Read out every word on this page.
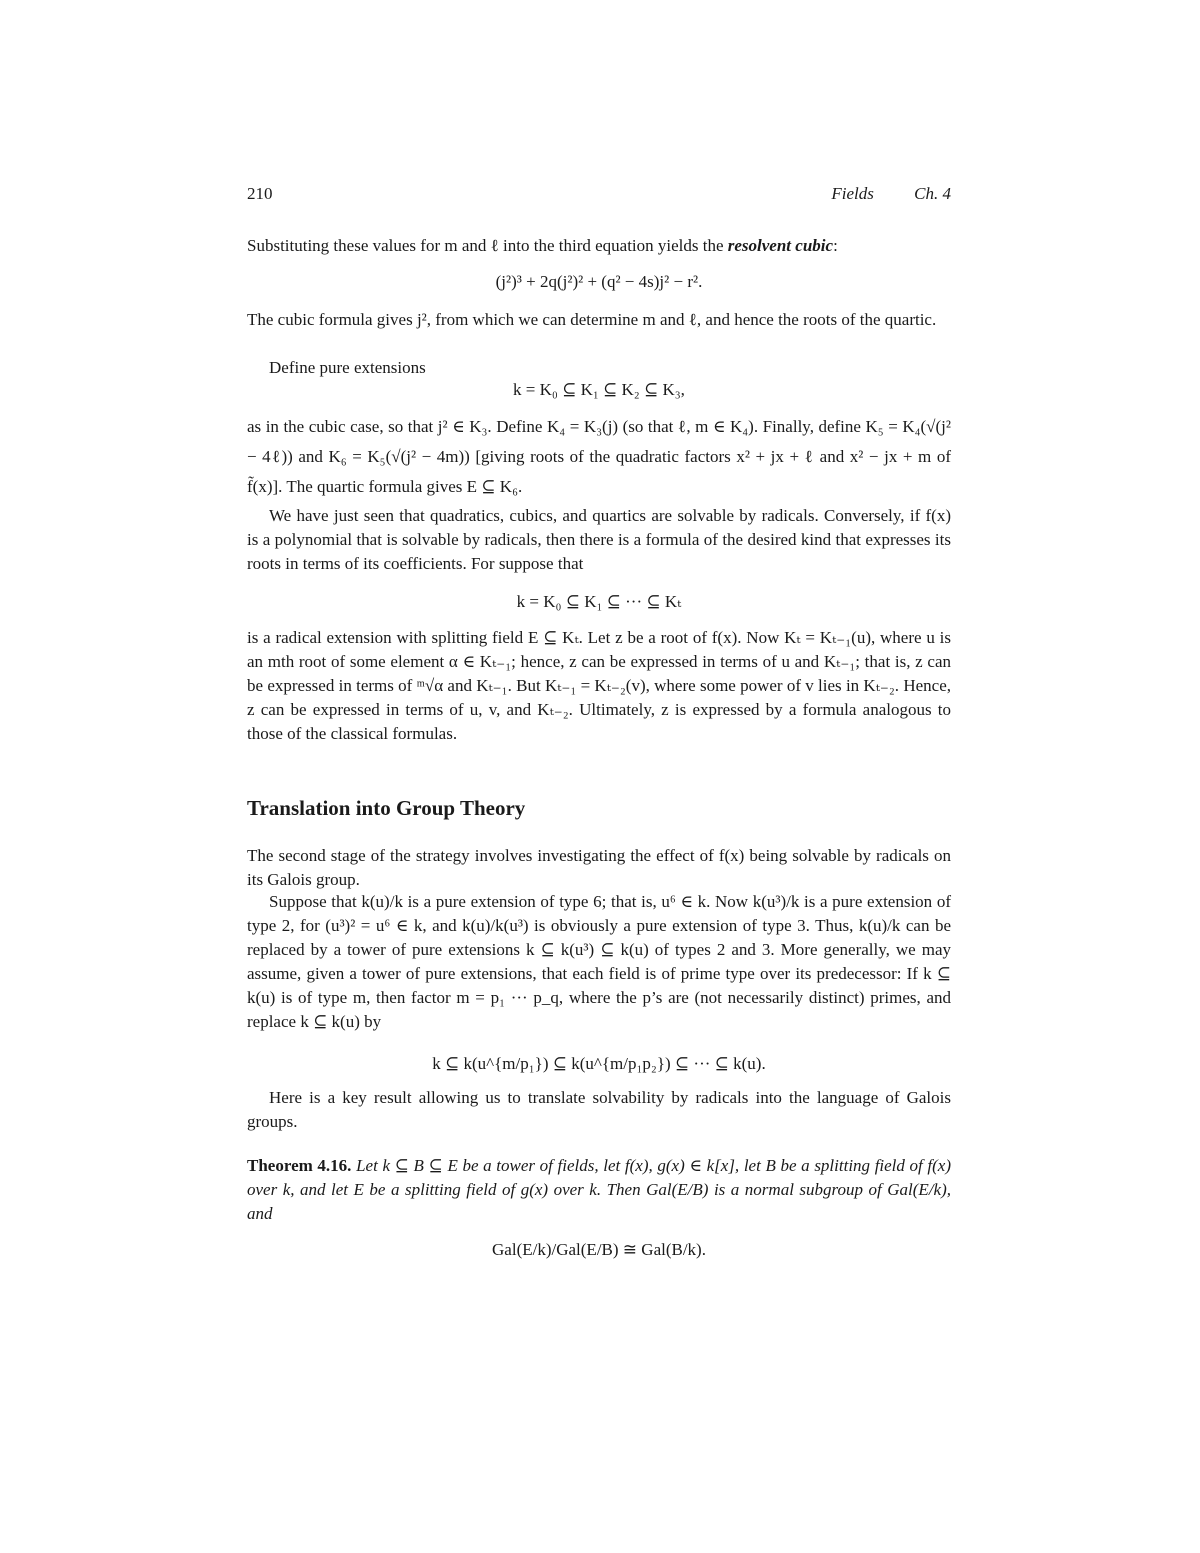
210	Fields Ch. 4
Substituting these values for m and ℓ into the third equation yields the resolvent cubic:
(j²)³ + 2q(j²)² + (q² − 4s)j² − r².
The cubic formula gives j², from which we can determine m and ℓ, and hence the roots of the quartic.
Define pure extensions
k = K₀ ⊆ K₁ ⊆ K₂ ⊆ K₃,
as in the cubic case, so that j² ∈ K₃. Define K₄ = K₃(j) (so that ℓ, m ∈ K₄). Finally, define K₅ = K₄(√(j² − 4ℓ)) and K₆ = K₅(√(j² − 4m)) [giving roots of the quadratic factors x² + jx + ℓ and x² − jx + m of f̃(x)]. The quartic formula gives E ⊆ K₆.
We have just seen that quadratics, cubics, and quartics are solvable by radicals. Conversely, if f(x) is a polynomial that is solvable by radicals, then there is a formula of the desired kind that expresses its roots in terms of its coefficients. For suppose that
k = K₀ ⊆ K₁ ⊆ ··· ⊆ Kₜ
is a radical extension with splitting field E ⊆ Kₜ. Let z be a root of f(x). Now Kₜ = Kₜ₋₁(u), where u is an mth root of some element α ∈ Kₜ₋₁; hence, z can be expressed in terms of u and Kₜ₋₁; that is, z can be expressed in terms of ᵐ√α and Kₜ₋₁. But Kₜ₋₁ = Kₜ₋₂(v), where some power of v lies in Kₜ₋₂. Hence, z can be expressed in terms of u, v, and Kₜ₋₂. Ultimately, z is expressed by a formula analogous to those of the classical formulas.
Translation into Group Theory
The second stage of the strategy involves investigating the effect of f(x) being solvable by radicals on its Galois group.
Suppose that k(u)/k is a pure extension of type 6; that is, u⁶ ∈ k. Now k(u³)/k is a pure extension of type 2, for (u³)² = u⁶ ∈ k, and k(u)/k(u³) is obviously a pure extension of type 3. Thus, k(u)/k can be replaced by a tower of pure extensions k ⊆ k(u³) ⊆ k(u) of types 2 and 3. More generally, we may assume, given a tower of pure extensions, that each field is of prime type over its predecessor: If k ⊆ k(u) is of type m, then factor m = p₁ ··· p_q, where the p’s are (not necessarily distinct) primes, and replace k ⊆ k(u) by
k ⊆ k(u^{m/p₁}) ⊆ k(u^{m/p₁p₂}) ⊆ ··· ⊆ k(u).
Here is a key result allowing us to translate solvability by radicals into the language of Galois groups.
Theorem 4.16. Let k ⊆ B ⊆ E be a tower of fields, let f(x), g(x) ∈ k[x], let B be a splitting field of f(x) over k, and let E be a splitting field of g(x) over k. Then Gal(E/B) is a normal subgroup of Gal(E/k), and
Gal(E/k)/Gal(E/B) ≅ Gal(B/k).
